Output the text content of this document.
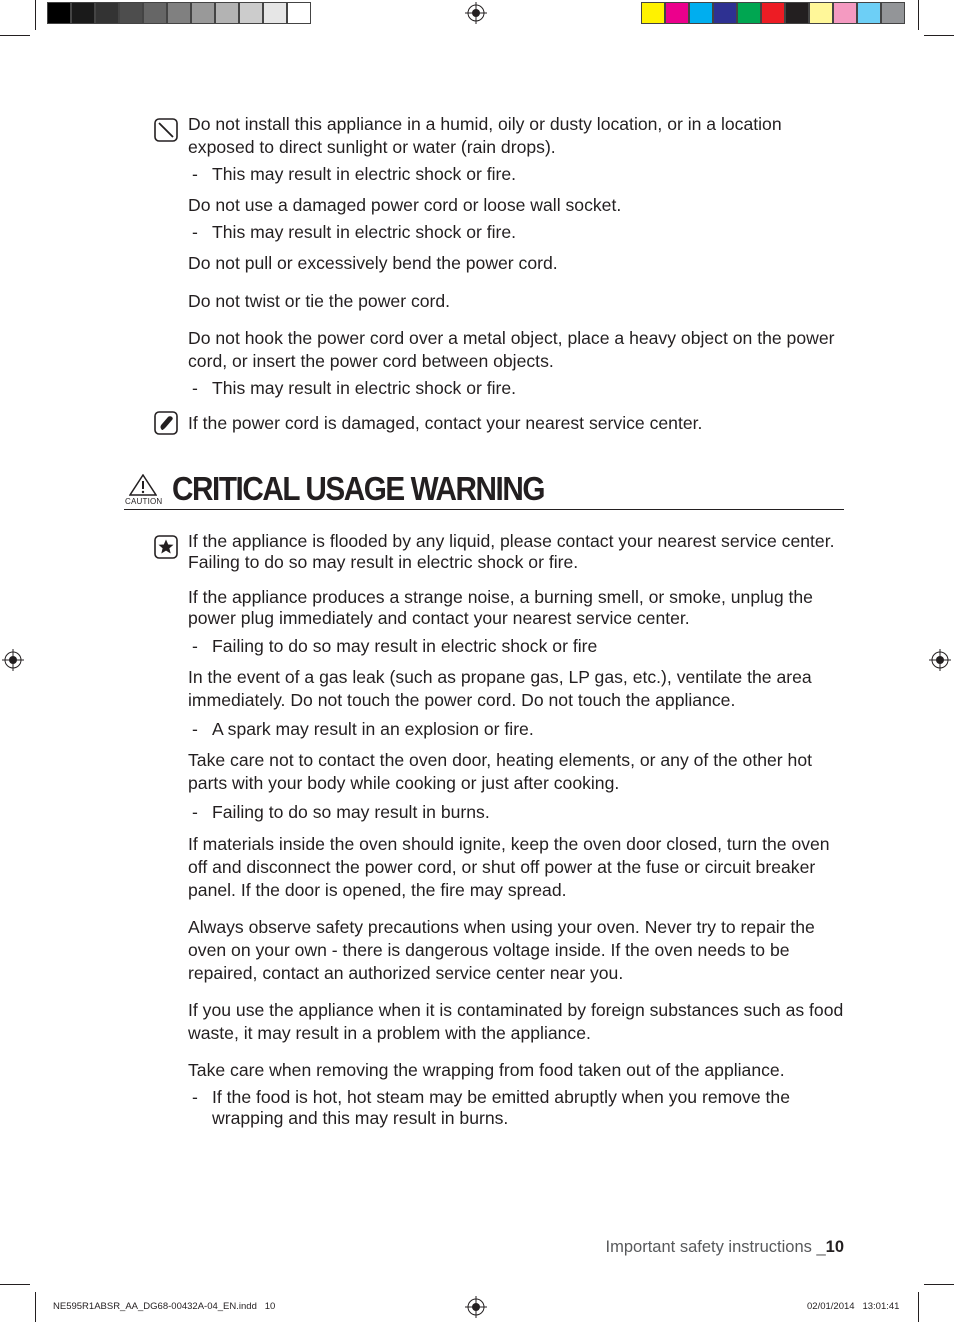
Do not install this appliance in a humid, oily or dusty location, or in a location exposed to direct sunlight or water (rain drops).
- This may result in electric shock or fire.
Do not use a damaged power cord or loose wall socket.
- This may result in electric shock or fire.
Do not pull or excessively bend the power cord.
Do not twist or tie the power cord.
Do not hook the power cord over a metal object, place a heavy object on the power cord, or insert the power cord between objects.
- This may result in electric shock or fire.
If the power cord is damaged, contact your nearest service center.
CAUTION CRITICAL USAGE WARNING
If the appliance is flooded by any liquid, please contact your nearest service center. Failing to do so may result in electric shock or fire.
If the appliance produces a strange noise, a burning smell, or smoke, unplug the power plug immediately and contact your nearest service center.
- Failing to do so may result in electric shock or fire
In the event of a gas leak (such as propane gas, LP gas, etc.), ventilate the area immediately. Do not touch the power cord. Do not touch the appliance.
- A spark may result in an explosion or fire.
Take care not to contact the oven door, heating elements, or any of the other hot parts with your body while cooking or just after cooking.
- Failing to do so may result in burns.
If materials inside the oven should ignite, keep the oven door closed, turn the oven off and disconnect the power cord, or shut off power at the fuse or circuit breaker panel. If the door is opened, the fire may spread.
Always observe safety precautions when using your oven. Never try to repair the oven on your own - there is dangerous voltage inside. If the oven needs to be repaired, contact an authorized service center near you.
If you use the appliance when it is contaminated by foreign substances such as food waste, it may result in a problem with the appliance.
Take care when removing the wrapping from food taken out of the appliance.
- If the food is hot, hot steam may be emitted abruptly when you remove the wrapping and this may result in burns.
Important safety instructions _10
NE595R1ABSR_AA_DG68-00432A-04_EN.indd   10	02/01/2014   13:01:41
